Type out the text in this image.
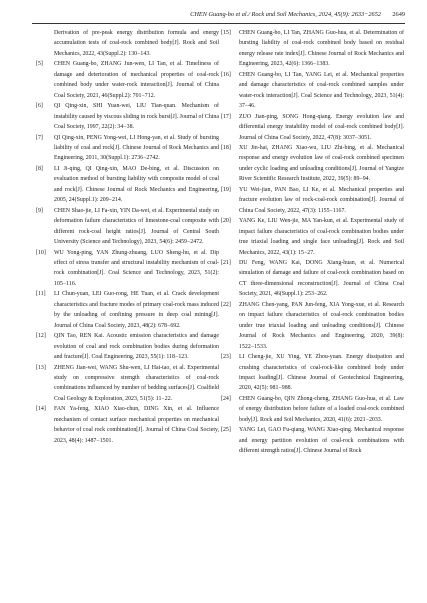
CHEN Guang-bo et al./ Rock and Soil Mechanics, 2024, 45(9): 2633−2652 2649
Derivation of pre-peak energy distribution formula and energy accumulation tests of coal-rock combined body[J]. Rock and Soil Mechanics, 2022, 43(Suppl.2): 130−143.
[5] CHEN Guang-bo, ZHANG Jun-wen, LI Tan, et al. Timeliness of damage and deterioration of mechanical properties of coal-rock combined body under water-rock interaction[J]. Journal of China Coal Society, 2021, 46(Suppl.2): 701−712.
[6] QI Qing-xin, SHI Yuan-wei, LIU Tian-quan. Mechanism of instability caused by viscous sliding in rock burst[J]. Journal of China Coal Society, 1997, 22(2): 34−38.
[7] QI Qing-xin, PENG Yong-wei, LI Hong-yan, et al. Study of bursting liability of coal and rock[J]. Chinese Journal of Rock Mechanics and Engineering, 2011, 30(Suppl.1): 2736−2742.
[8] LI Ji-qing, QI Qing-xin, MAO De-bing, et al. Discussion on evaluation method of bursting liability with composite model of coal and rock[J]. Chinese Journal of Rock Mechanics and Engineering, 2005, 24(Suppl.1): 209−214.
[9] CHEN Shao-jie, LI Fa-xin, YIN Da-wei, et al. Experimental study on deformation failure characteristics of limestone-coal composite with different rock-coal height ratios[J]. Journal of Central South University (Science and Technology), 2023, 54(6): 2459−2472.
[10] WU Yong-ping, YAN Zhung-zhuang, LUO Sheng-hu, et al. Dip effect of stress transfer and structural instability mechanism of coal-rock combination[J]. Coal Science and Technology, 2023, 51(2): 105−116.
[11] LI Chun-yuan, LEI Guo-rong, HE Tuan, et al. Crack development characteristics and fracture modes of primary coal-rock mass induced by the unloading of confining pressure in deep coal mining[J]. Journal of China Coal Society, 2023, 48(2): 678−692.
[12] QIN Tao, REN Kai. Acoustic emission characteristics and damage evolution of coal and rock combination bodies during deformation and fracture[J]. Coal Engineering, 2023, 55(1): 118−123.
[13] ZHENG Jian-wei, WANG Shu-wen, LI Hai-tao, et al. Experimental study on compressive strength characteristics of coal-rock combinations influenced by number of bedding surfaces[J]. Coalfield Coal Geology & Exploration, 2023, 51(5): 11−22.
[14] FAN Ya-feng, XIAO Xiao-chun, DING Xin, et al. Influence mechanism of contact surface mechanical properties on mechanical behavior of coal rock combination[J]. Journal of China Coal Society, 2023, 48(4): 1487−1501.
[15] CHEN Guang-bo, LI Tan, ZHANG Guo-hua, et al. Determination of bursting liability of coal-rock combined body based on residual energy release rate index[J]. Chinese Journal of Rock Mechanics and Engineering, 2023, 42(6): 1366−1383.
[16] CHEN Guang-bo, LI Tan, YANG Lei, et al. Mechanical properties and damage characteristics of coal-rock combined samples under water-rock interaction[J]. Coal Science and Technology, 2023, 51(4): 37−46.
[17] ZUO Jian-ping, SONG Hong-qiang. Energy evolution law and differential energy instability model of coal-rock combined body[J]. Journal of China Coal Society, 2022, 47(8): 3037−3051.
[18] XU Jin-hai, ZHANG Xiao-wu, LIU Zhi-bing, et al. Mechanical response and energy evolution law of coal-rock combined specimen under cyclic loading and unloading conditions[J]. Journal of Yangtze River Scientific Research Institute, 2022, 39(5): 89−94.
[19] YU Wei-jian, PAN Bao, LI Ke, et al. Mechanical properties and fracture evolution law of rock-coal-rock combination[J]. Journal of China Coal Society, 2022, 47(3): 1155−1167.
[20] YANG Ke, LIU Wen-jie, MA Yan-kun, et al. Experimental study of impact failure characteristics of coal-rock combination bodies under true triaxial loading and single face unloading[J]. Rock and Soil Mechanics, 2022, 43(1): 15−27.
[21] DU Feng, WANG Kai, DONG Xiang-huan, et al. Numerical simulation of damage and failure of coal-rock combination based on CT three-dimensional reconstruction[J]. Journal of China Coal Society, 2021, 46(Suppl.1): 253−262.
[22] ZHANG Chen-yang, PAN Jun-feng, XIA Yong-xue, et al. Research on impact failure characteristics of coal-rock combination bodies under true triaxial loading and unloading conditions[J]. Chinese Journal of Rock Mechanics and Engineering, 2020, 39(8): 1522−1533.
[23] LI Cheng-jie, XU Ying, YE Zhou-yuan. Energy dissipation and crushing characteristics of coal-rock-like combined body under impact loading[J]. Chinese Journal of Geotechnical Engineering, 2020, 42(5): 981−988.
[24] CHEN Guang-bo, QIN Zhong-cheng, ZHANG Guo-hua, et al. Law of energy distribution before failure of a loaded coal-rock combined body[J]. Rock and Soil Mechanics, 2020, 41(6): 2021−2033.
[25] YANG Lei, GAO Fu-qiang, WANG Xiao-qing. Mechanical response and energy partition evolution of coal-rock combinations with different strength ratios[J]. Chinese Journal of Rock
